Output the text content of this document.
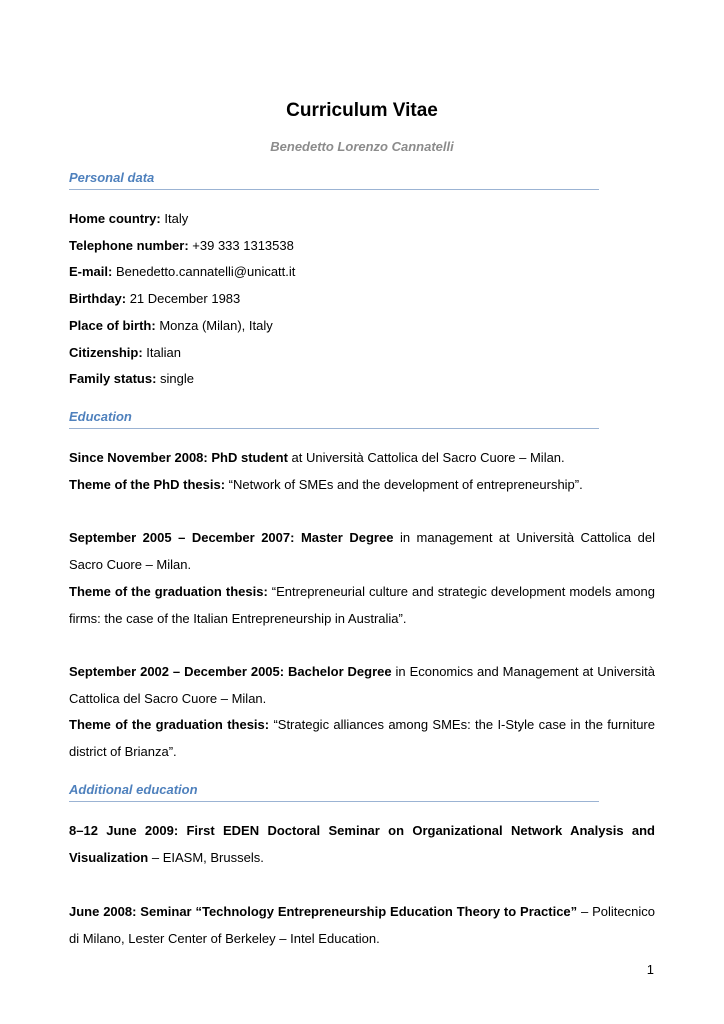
Curriculum Vitae
Benedetto Lorenzo Cannatelli
Personal data
Home country: Italy
Telephone number: +39 333 1313538
E-mail: Benedetto.cannatelli@unicatt.it
Birthday: 21 December 1983
Place of birth: Monza (Milan), Italy
Citizenship: Italian
Family status: single
Education
Since November 2008: PhD student at Università Cattolica del Sacro Cuore – Milan.
Theme of the PhD thesis: “Network of SMEs and the development of entrepreneurship”.
September 2005 – December 2007: Master Degree in management at Università Cattolica del Sacro Cuore – Milan.
Theme of the graduation thesis: “Entrepreneurial culture and strategic development models among firms: the case of the Italian Entrepreneurship in Australia”.
September 2002 – December 2005: Bachelor Degree in Economics and Management at Università Cattolica del Sacro Cuore – Milan.
Theme of the graduation thesis: “Strategic alliances among SMEs: the I-Style case in the furniture district of Brianza”.
Additional education
8–12 June 2009: First EDEN Doctoral Seminar on Organizational Network Analysis and Visualization – EIASM, Brussels.
June 2008: Seminar “Technology Entrepreneurship Education Theory to Practice” – Politecnico di Milano, Lester Center of Berkeley – Intel Education.
1
